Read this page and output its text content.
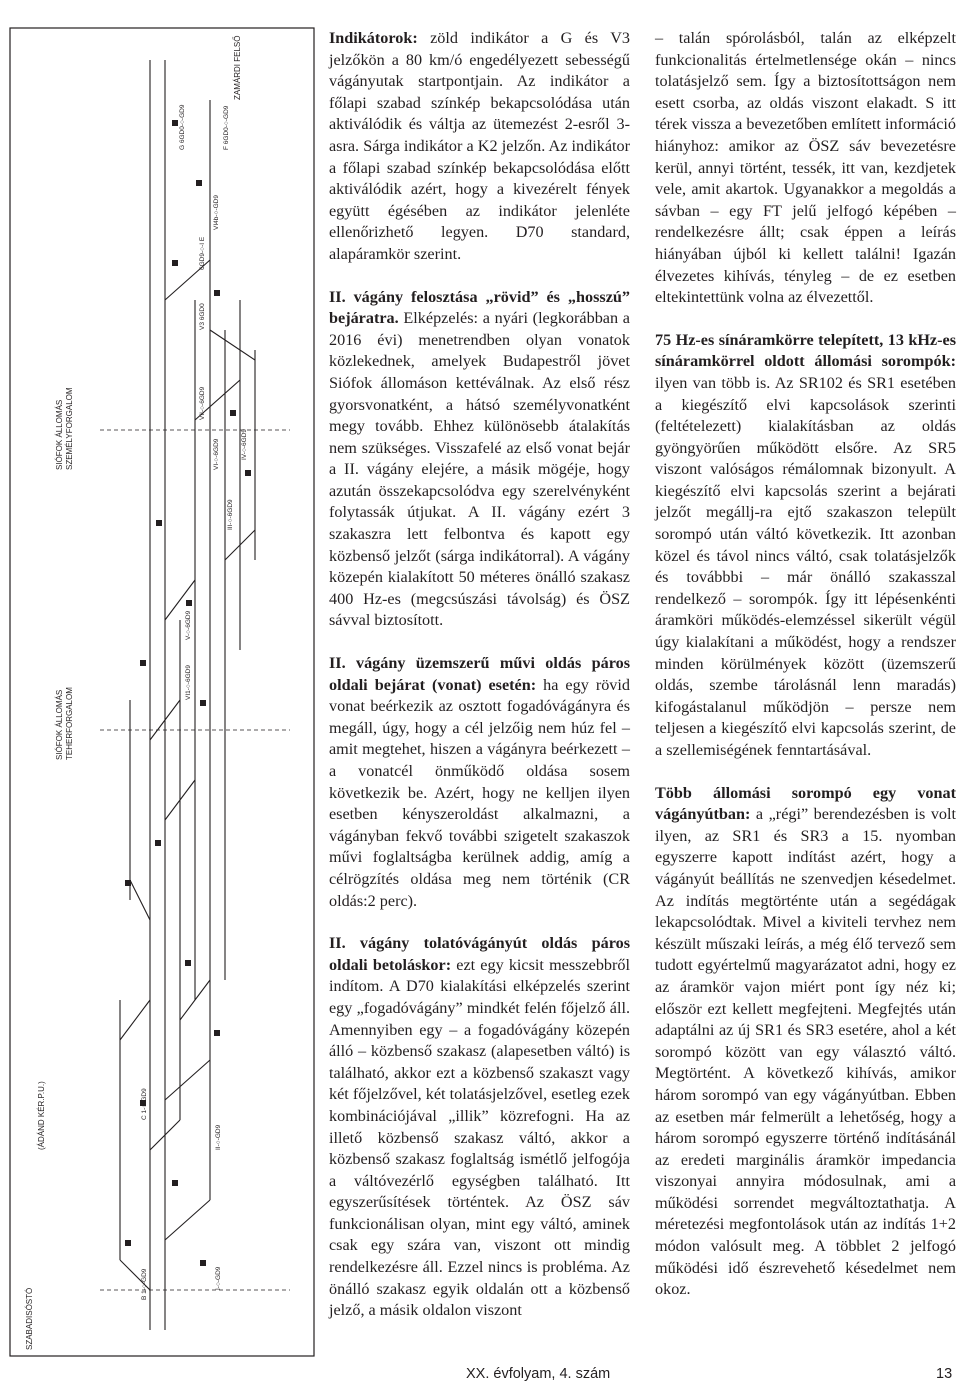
SIÓFOK ÁLLOMÁS SZEMÉLYFORGALOM
SIÓFOK ÁLLOMÁS TEHERFORGALOM
ZAMÁRDI FELSŐ
SZABADISÓSTÓ
(ÁDÁND KÉR.P.U.)
G 6GD0-○-GD9	F 6GD0-○-GD9
VI4b-○-GD9
6GD9-○-I E
V3 6GD0
VII-○-6GD9
VI-○-6GD9
VI1-○-6GD9
V-○-6GD9
IV-○-6GD9
III-○-6GD9
II-○-GD9
I-○-GD9
C 1-○-GD9
B 1-○-GD9

Indikátorok: zöld indikátor a G és V3 jelzőkön a 80 km/ó engedélyezett sebességű vágányutak startpontjain. Az indikátor a főlapi szabad színkép bekapcsolódása után aktiválódik és váltja az ütemezést 2-esről 3-asra. Sárga indikátor a K2 jelzőn. Az indikátor a főlapi szabad színkép bekapcsolódása előtt aktiválódik azért, hogy a kivezérelt fények együtt égésében az indikátor jelenléte ellenőrizhető legyen. D70 standard, alapáramkör szerint.

II. vágány felosztása „rövid” és „hosszú” bejáratra. Elképzelés: a nyári (legkorábban a 2016 évi) menetrendben olyan vonatok közlekednek, amelyek Budapestről jövet Siófok állomáson kettéválnak. Az első rész gyorsvonatként, a hátsó személyvonatként megy tovább. Ehhez különösebb átalakítás nem szükséges. Visszafelé az első vonat bejár a II. vágány elejére, a másik mögéje, hogy azután összekapcsolódva egy szerelvényként folytassák útjukat. A II. vágány ezért 3 szakaszra lett felbontva és kapott egy közbenső jelzőt (sárga indikátorral). A vágány közepén kialakított 50 méteres önálló szakasz 400 Hz-es (megcsúszási távolság) és ÖSZ sávval biztosított.

II. vágány üzemszerű művi oldás páros oldali bejárat (vonat) esetén: ha egy rövid vonat beérkezik az osztott fogadóvágányra és megáll, úgy, hogy a cél jelzőig nem húz fel – amit megtehet, hiszen a vágányra beérkezett – a vonatcél önműködő oldása sosem következik be. Azért, hogy ne kelljen ilyen esetben kényszeroldást alkalmazni, a vágányban fekvő további szigetelt szakaszok művi foglaltságba kerülnek addig, amíg a célrögzítés oldása meg nem történik (CR oldás:2 perc).

II. vágány tolatóvágányút oldás páros oldali betoláskor: ezt egy kicsit messzebbről indítom. A D70 kialakítási elképzelés szerint egy „fogadóvágány” mindkét felén főjelző áll. Amennyiben egy – a fogadóvágány közepén álló – közbenső szakasz (alapesetben váltó) is található, akkor ezt a közbenső szakaszt vagy két főjelzővel, két tolatásjelzővel, esetleg ezek kombinációjával „illik” közrefogni. Ha az illető közbenső szakasz váltó, akkor a közbenső szakasz foglaltság ismétlő jelfogója a váltóvezérlő egységben található. Itt egyszerűsítések történtek. Az ÖSZ sáv funkcionálisan olyan, mint egy váltó, aminek csak egy szára van, viszont ott mindig rendelkezésre áll. Ezzel nincs is probléma. Az önálló szakasz egyik oldalán ott a közbenső jelző, a másik oldalon viszont

– talán spórolásból, talán az elképzelt funkcionalitás értelmetlensége okán – nincs tolatásjelző sem. Így a biztosítottságon nem esett csorba, az oldás viszont elakadt. S itt térek vissza a bevezetőben említett információ hiányhoz: amikor az ÖSZ sáv bevezetésre kerül, annyi történt, tessék, itt van, kezdjetek vele, amit akartok. Ugyanakkor a megoldás a sávban – egy FT jelű jelfogó képében – rendelkezésre állt; csak éppen a leírás hiányában újból ki kellett találni! Igazán élvezetes kihívás, tényleg – de ez esetben eltekintettünk volna az élvezettől.

75 Hz-es sínáramkörre telepített, 13 kHz-es sínáramkörrel oldott állomási sorompók: ilyen van több is. Az SR102 és SR1 esetében a kiegészítő elvi kapcsolások szerinti (feltételezett) kialakításban az oldás gyöngyörűen működött elsőre. Az SR5 viszont valóságos rémálomnak bizonyult. A kiegészítő elvi kapcsolás szerint a bejárati jelzőt megállj-ra ejtő szakaszon települt sorompó után váltó következik. Itt azonban közel és távol nincs váltó, csak tolatásjelzők és továbbbi – már önálló szakasszal rendelkező – sorompók. Így itt lépésenkénti áramköri működés-elemzéssel sikerült végül úgy kialakítani a működést, hogy a rendszer minden körülmények között (üzemszerű oldás, szembe tárolásnál lenn maradás) kifogástalanul működjön – persze nem teljesen a kiegészítő elvi kapcsolás szerint, de a szellemiségének fenntartásával.

Több állomási sorompó egy vonat vágányútban: a „régi” berendezésben is volt ilyen, az SR1 és SR3 a 15. nyomban egyszerre kapott indítást azért, hogy a vágányút beállítás ne szenvedjen késedelmet. Az indítás megtörténte után a segédágak lekapcsolódtak. Mivel a kiviteli tervhez nem készült műszaki leírás, a még élő tervező sem tudott egyértelmű magyarázatot adni, hogy ez az áramkör vajon miért pont így néz ki; először ezt kellett megfejteni. Megfejtés után adaptálni az új SR1 és SR3 esetére, ahol a két sorompó között van egy választó váltó. Megtörtént. A következő kihívás, amikor három sorompó van egy vágányútban. Ebben az esetben már felmerült a lehetőség, hogy a három sorompó egyszerre történő indításánál az eredeti marginális áramkör impedancia viszonyai annyira módosulnak, ami a működési sorrendet megváltoztathatja. A méretezési megfontolások után az indítás 1+2 módon valósult meg. A többlet 2 jelfogó működési idő észrevehető késedelmet nem okoz.

XX. évfolyam, 4. szám	13
